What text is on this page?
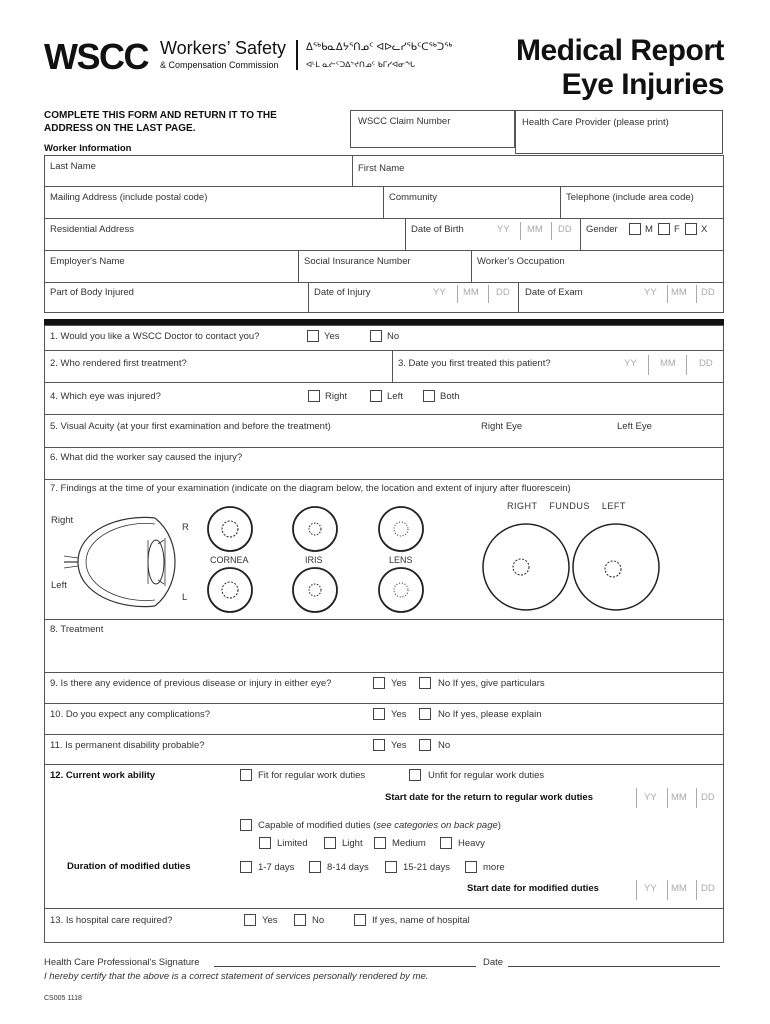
WSCC Workers’ Safety
& Compensation Commission
ᐃᖅᑲᓇᐃᔭᕐᑎᓄᑦ ᐊᐅᓚᓯᖃᑦᑕᖅᑐᖅ
ᐊᒻᒪ ᓇᓖᑦᑐᐃᔾᔪᑎᓄᑦ ᑲᒥᓯᐊᓂᖓ	Medical Report
Eye Injuries
COMPLETE THIS FORM AND RETURN IT TO THE
ADDRESS ON THE LAST PAGE.
WSCC Claim Number	Health Care Provider (please print)
Worker Information
Last Name	First Name
Mailing Address (include postal code)	Community	Telephone (include area code)
Residential Address	Date of Birth	YY MM DD Gender	M F X
Employer's Name	Social Insurance Number	Worker's Occupation
Part of Body Injured	Date of Injury	YY MM DD Date of Exam	YY MM DD
1. Would you like a WSCC Doctor to contact you?	Yes	No
2. Who rendered first treatment?	3. Date you first treated this patient?	YY MM DD
4. Which eye was injured?	Right	Left	Both
5. Visual Acuity (at your first examination and before the treatment)	Right Eye	Left Eye
6. What did the worker say caused the injury?
7. Findings at the time of your examination (indicate on the diagram below, the location and extent of injury after fluorescein)
RIGHT    FUNDUS    LEFT
Right
Left
R
L
CORNEA	IRIS	LENS
8. Treatment
9. Is there any evidence of previous disease or injury in either eye?	Yes	No If yes, give particulars
10. Do you expect any complications?	Yes	No If yes, please explain
11. Is permanent disability probable?	Yes	No
12. Current work ability	Fit for regular work duties	Unfit for regular work duties
Start date for the return to regular work duties	YY MM DD
Capable of modified duties (see categories on back page)
Limited	Light	Medium	Heavy
Duration of modified duties	1-7 days	8-14 days	15-21 days	more
Start date for modified duties	YY MM DD
13. Is hospital care required?	Yes	No	If yes, name of hospital
Health Care Professional's Signature	Date
I hereby certify that the above is a correct statement of services personally rendered by me.
CS005 1118
